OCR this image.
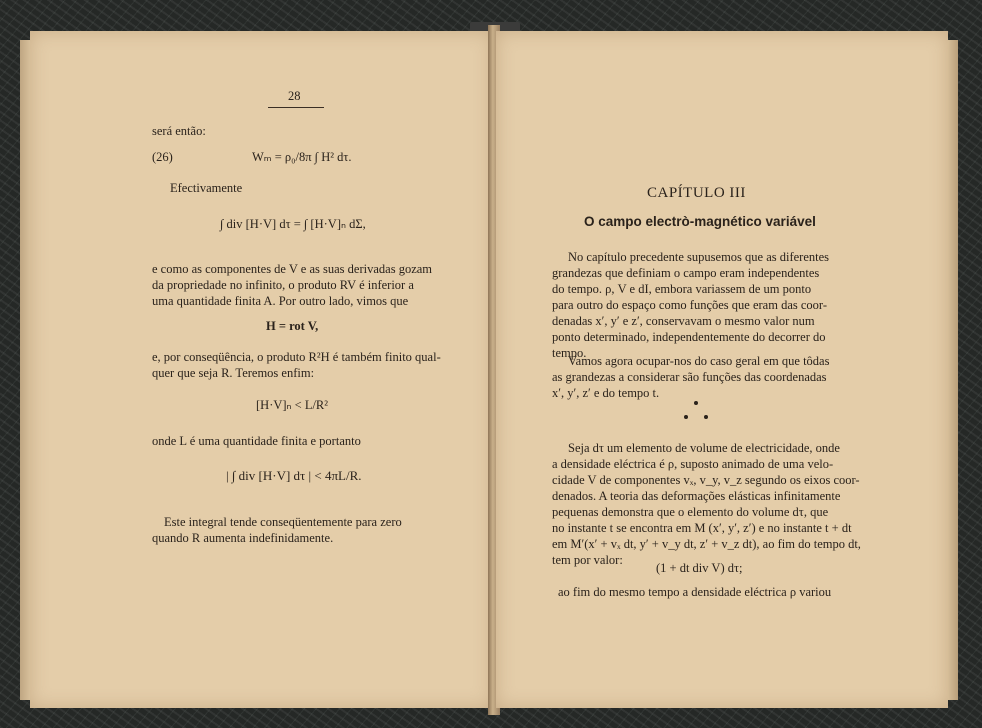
28
será então:
(26)	Wₘ = ρ₀/8π ∫ H² dτ.
Efectivamente
∫ div [H·V] dτ = ∫ [H·V]ₙ dΣ,
e como as componentes de V e as suas derivadas gozam
da propriedade no infinito, o produto RV é inferior a
uma quantidade finita A. Por outro lado, vimos que
H = rot V,
e, por conseqüência, o produto R²H é também finito qual-
quer que seja R. Teremos enfim:
[H·V]ₙ < L/R²
onde L é uma quantidade finita e portanto
| ∫ div [H·V] dτ | < 4πL/R.
Este integral tende conseqüentemente para zero
quando R aumenta indefinidamente.
CAPÍTULO III
O campo electrò-magnético variável
No capítulo precedente supusemos que as diferentes
grandezas que definiam o campo eram independentes
do tempo. ρ, V e dI, embora variassem de um ponto
para outro do espaço como funções que eram das coor-
denadas x′, y′ e z′, conservavam o mesmo valor num
ponto determinado, independentemente do decorrer do
tempo.
Vamos agora ocupar-nos do caso geral em que tôdas
as grandezas a considerar são funções das coordenadas
x′, y′, z′ e do tempo t.
Seja dτ um elemento de volume de electricidade, onde
a densidade eléctrica é ρ, suposto animado de uma velo-
cidade V de componentes vₓ, v_y, v_z segundo os eixos coor-
denados. A teoria das deformações elásticas infinitamente
pequenas demonstra que o elemento do volume dτ, que
no instante t se encontra em M (x′, y′, z′) e no instante t + dt
em M′(x′ + vₓ dt, y′ + v_y dt, z′ + v_z dt), ao fim do tempo dt,
tem por valor:
(1 + dt div V) dτ;
ao fim do mesmo tempo a densidade eléctrica ρ variou
